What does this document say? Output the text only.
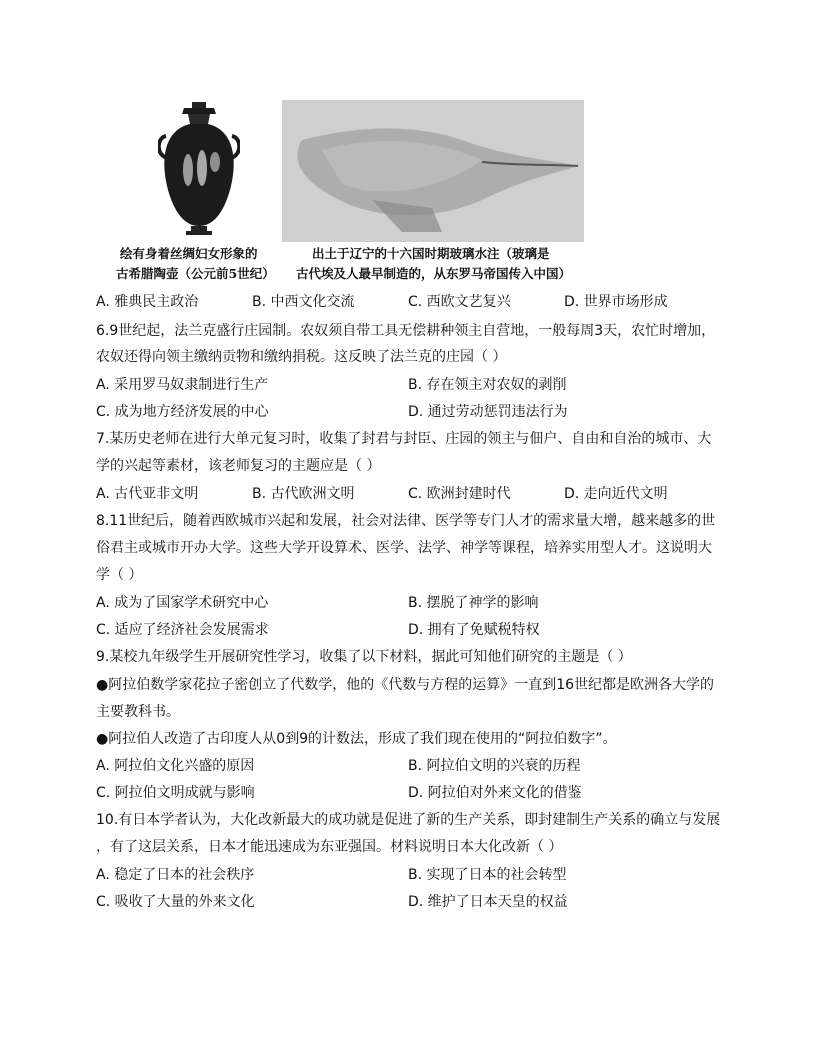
绘有身着丝绸妇女形象的
古希腊陶壶（公元前5世纪）
出土于辽宁的十六国时期玻璃水注（玻璃是
古代埃及人最早制造的，从东罗马帝国传入中国）
A. 雅典民主政治	B. 中西文化交流	C. 西欧文艺复兴	D. 世界市场形成
6.9世纪起，法兰克盛行庄园制。农奴须自带工具无偿耕种领主自营地，一般每周3天，农忙时增加，
农奴还得向领主缴纳贡物和缴纳捐税。这反映了法兰克的庄园（ ）
A. 采用罗马奴隶制进行生产	B. 存在领主对农奴的剥削
C. 成为地方经济发展的中心	D. 通过劳动惩罚违法行为
7.某历史老师在进行大单元复习时，收集了封君与封臣、庄园的领主与佃户、自由和自治的城市、大
学的兴起等素材，该老师复习的主题应是（ ）
A. 古代亚非文明	B. 古代欧洲文明	C. 欧洲封建时代	D. 走向近代文明
8.11世纪后，随着西欧城市兴起和发展，社会对法律、医学等专门人才的需求量大增，越来越多的世
俗君主或城市开办大学。这些大学开设算术、医学、法学、神学等课程，培养实用型人才。这说明大
学（ ）
A. 成为了国家学术研究中心	B. 摆脱了神学的影响
C. 适应了经济社会发展需求	D. 拥有了免赋税特权
9.某校九年级学生开展研究性学习，收集了以下材料，据此可知他们研究的主题是（ ）
●阿拉伯数学家花拉子密创立了代数学，他的《代数与方程的运算》一直到16世纪都是欧洲各大学的
主要教科书。
●阿拉伯人改造了古印度人从0到9的计数法，形成了我们现在使用的“阿拉伯数字”。
A. 阿拉伯文化兴盛的原因	B. 阿拉伯文明的兴衰的历程
C. 阿拉伯文明成就与影响	D. 阿拉伯对外来文化的借鉴
10.有日本学者认为，大化改新最大的成功就是促进了新的生产关系，即封建制生产关系的确立与发展
，有了这层关系，日本才能迅速成为东亚强国。材料说明日本大化改新（ ）
A. 稳定了日本的社会秩序	B. 实现了日本的社会转型
C. 吸收了大量的外来文化	D. 维护了日本天皇的权益
